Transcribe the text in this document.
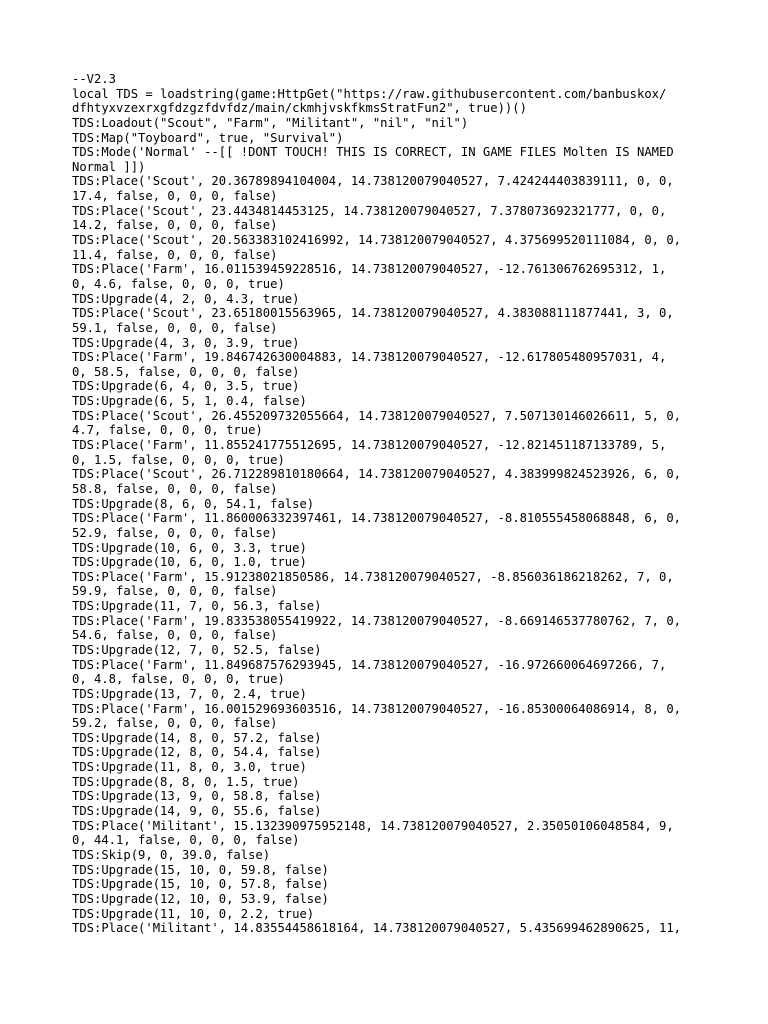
--V2.3
local TDS = loadstring(game:HttpGet("https://raw.githubusercontent.com/banbuskox/
dfhtyxvzexrxgfdzgzfdvfdz/main/ckmhjvskfkmsStratFun2", true))()
TDS:Loadout("Scout", "Farm", "Militant", "nil", "nil")
TDS:Map("Toyboard", true, "Survival")
TDS:Mode('Normal' --[[ !DONT TOUCH! THIS IS CORRECT, IN GAME FILES Molten IS NAMED
Normal ]])
TDS:Place('Scout', 20.36789894104004, 14.738120079040527, 7.424244403839111, 0, 0,
17.4, false, 0, 0, 0, false)
TDS:Place('Scout', 23.4434814453125, 14.738120079040527, 7.378073692321777, 0, 0,
14.2, false, 0, 0, 0, false)
TDS:Place('Scout', 20.563383102416992, 14.738120079040527, 4.375699520111084, 0, 0,
11.4, false, 0, 0, 0, false)
TDS:Place('Farm', 16.011539459228516, 14.738120079040527, -12.761306762695312, 1,
0, 4.6, false, 0, 0, 0, true)
TDS:Upgrade(4, 2, 0, 4.3, true)
TDS:Place('Scout', 23.65180015563965, 14.738120079040527, 4.383088111877441, 3, 0,
59.1, false, 0, 0, 0, false)
TDS:Upgrade(4, 3, 0, 3.9, true)
TDS:Place('Farm', 19.846742630004883, 14.738120079040527, -12.617805480957031, 4,
0, 58.5, false, 0, 0, 0, false)
TDS:Upgrade(6, 4, 0, 3.5, true)
TDS:Upgrade(6, 5, 1, 0.4, false)
TDS:Place('Scout', 26.455209732055664, 14.738120079040527, 7.507130146026611, 5, 0,
4.7, false, 0, 0, 0, true)
TDS:Place('Farm', 11.855241775512695, 14.738120079040527, -12.821451187133789, 5,
0, 1.5, false, 0, 0, 0, true)
TDS:Place('Scout', 26.712289810180664, 14.738120079040527, 4.383999824523926, 6, 0,
58.8, false, 0, 0, 0, false)
TDS:Upgrade(8, 6, 0, 54.1, false)
TDS:Place('Farm', 11.860006332397461, 14.738120079040527, -8.810555458068848, 6, 0,
52.9, false, 0, 0, 0, false)
TDS:Upgrade(10, 6, 0, 3.3, true)
TDS:Upgrade(10, 6, 0, 1.0, true)
TDS:Place('Farm', 15.91238021850586, 14.738120079040527, -8.856036186218262, 7, 0,
59.9, false, 0, 0, 0, false)
TDS:Upgrade(11, 7, 0, 56.3, false)
TDS:Place('Farm', 19.833538055419922, 14.738120079040527, -8.669146537780762, 7, 0,
54.6, false, 0, 0, 0, false)
TDS:Upgrade(12, 7, 0, 52.5, false)
TDS:Place('Farm', 11.849687576293945, 14.738120079040527, -16.972660064697266, 7,
0, 4.8, false, 0, 0, 0, true)
TDS:Upgrade(13, 7, 0, 2.4, true)
TDS:Place('Farm', 16.001529693603516, 14.738120079040527, -16.85300064086914, 8, 0,
59.2, false, 0, 0, 0, false)
TDS:Upgrade(14, 8, 0, 57.2, false)
TDS:Upgrade(12, 8, 0, 54.4, false)
TDS:Upgrade(11, 8, 0, 3.0, true)
TDS:Upgrade(8, 8, 0, 1.5, true)
TDS:Upgrade(13, 9, 0, 58.8, false)
TDS:Upgrade(14, 9, 0, 55.6, false)
TDS:Place('Militant', 15.132390975952148, 14.738120079040527, 2.35050106048584, 9,
0, 44.1, false, 0, 0, 0, false)
TDS:Skip(9, 0, 39.0, false)
TDS:Upgrade(15, 10, 0, 59.8, false)
TDS:Upgrade(15, 10, 0, 57.8, false)
TDS:Upgrade(12, 10, 0, 53.9, false)
TDS:Upgrade(11, 10, 0, 2.2, true)
TDS:Place('Militant', 14.83554458618164, 14.738120079040527, 5.435699462890625, 11,
